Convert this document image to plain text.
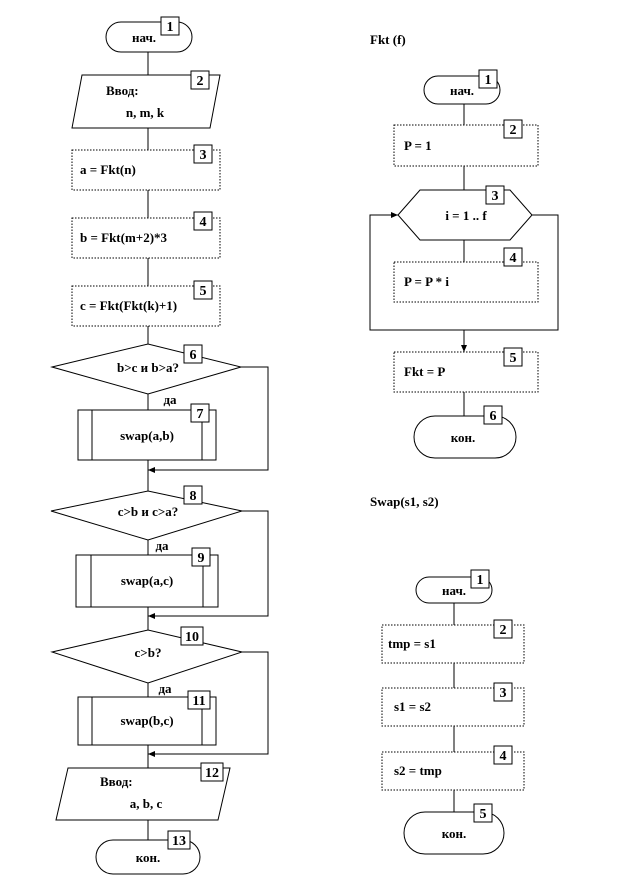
нач.
1
Ввод:
n, m, k
2
a = Fkt(n)
3
b = Fkt(m+2)*3
4
c = Fkt(Fkt(k)+1)
5
b>c и b>a?
6
да
swap(a,b)
7
c>b и c>a?
8
да
swap(a,c)
9
c>b?
10
да
swap(b,c)
11
Ввод:
a, b, c
12
кон.
13
Fkt (f)
нач.
1
P = 1
2
i = 1 .. f
3
P = P * i
4
Fkt = P
5
кон.
6
Swap(s1, s2)
нач.
1
tmp = s1
2
s1 = s2
3
s2 = tmp
4
кон.
5
